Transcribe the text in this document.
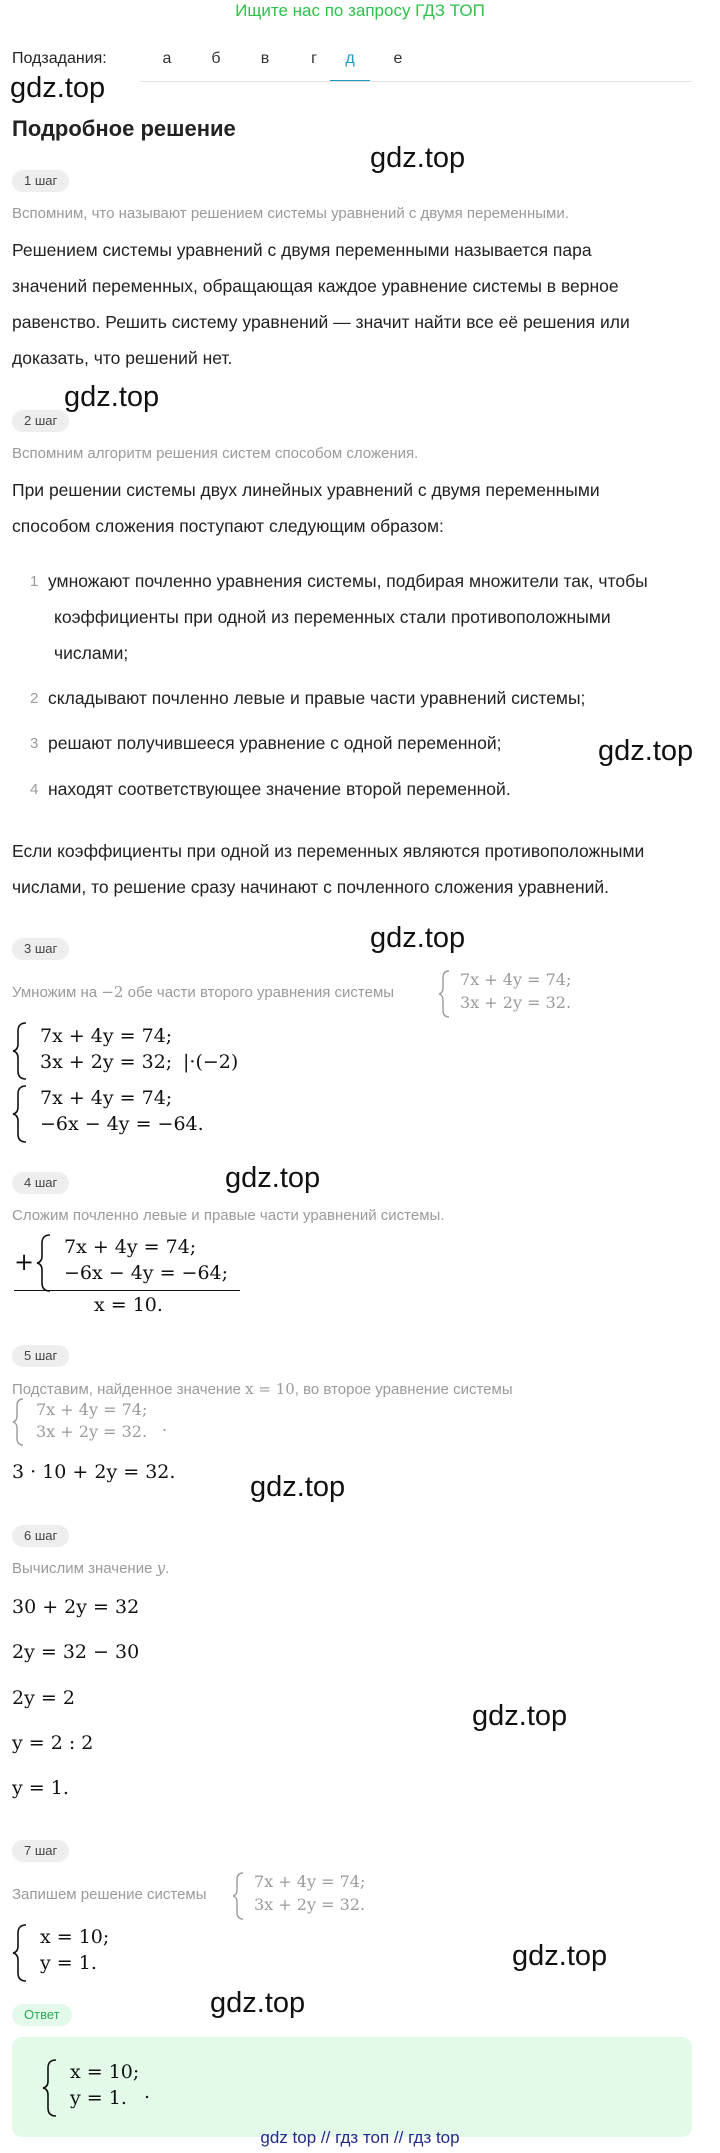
Ищите нас по запросу ГДЗ ТОП
Подзадания:	а	б	в	г	д	е
gdz.top
gdz.top
gdz.top
gdz.top
gdz.top
gdz.top
gdz.top
gdz.top
gdz.top
gdz.top
Подробное решение
1 шаг
Вспомним, что называют решением системы уравнений с двумя переменными.
Решением системы уравнений с двумя переменными называется пара
значений переменных, обращающая каждое уравнение системы в верное
равенство. Решить систему уравнений — значит найти все её решения или
доказать, что решений нет.
2 шаг
Вспомним алгоритм решения систем способом сложения.
При решении системы двух линейных уравнений с двумя переменными
способом сложения поступают следующим образом:
1 умножают почленно уравнения системы, подбирая множители так, чтобы
коэффициенты при одной из переменных стали противоположными
числами;
2 складывают почленно левые и правые части уравнений системы;
3 решают получившееся уравнение с одной переменной;
4 находят соответствующее значение второй переменной.
Если коэффициенты при одной из переменных являются противоположными
числами, то решение сразу начинают с почленного сложения уравнений.
3 шаг
Умножим на −2 обе части второго уравнения системы
7x + 4y = 74;
3x + 2y = 32.
7x + 4y = 74;
3x + 2y = 32; |·(−2)
7x + 4y = 74;
−6x − 4y = −64.
4 шаг
Сложим почленно левые и правые части уравнений системы.
+
7x + 4y = 74;
−6x − 4y = −64;
x = 10.
5 шаг
Подставим, найденное значение x = 10, во второе уравнение системы
7x + 4y = 74;
3x + 2y = 32. .
3 · 10 + 2y = 32.
6 шаг
Вычислим значение y.
30 + 2y = 32
2y = 32 − 30
2y = 2
y = 2 : 2
y = 1.
7 шаг
Запишем решение системы
7x + 4y = 74;
3x + 2y = 32.
x = 10;
y = 1.
Ответ
x = 10;
y = 1. .
gdz top // гдз топ // гдз top
